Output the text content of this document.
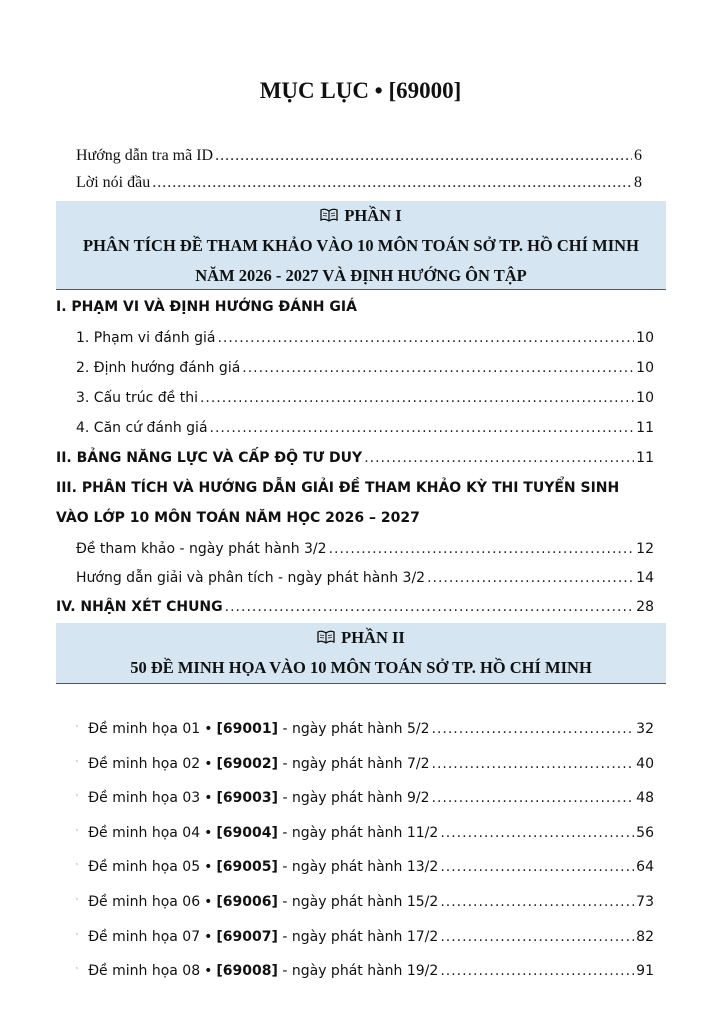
MỤC LỤC • [69000]
Hướng dẫn tra mã ID .....	6
Lời nói đầu .....	8
PHẦN I
PHÂN TÍCH ĐỀ THAM KHẢO VÀO 10 MÔN TOÁN SỞ TP. HỒ CHÍ MINH
NĂM 2026 - 2027 VÀ ĐỊNH HƯỚNG ÔN TẬP
I. PHẠM VI VÀ ĐỊNH HƯỚNG ĐÁNH GIÁ
1. Phạm vi đánh giá .....	10
2. Định hướng đánh giá .....	10
3. Cấu trúc đề thi .....	10
4. Căn cứ đánh giá .....	11
II. BẢNG NĂNG LỰC VÀ CẤP ĐỘ TƯ DUY .....	11
III. PHÂN TÍCH VÀ HƯỚNG DẪN GIẢI ĐỀ THAM KHẢO KỲ THI TUYỂN SINH
VÀO LỚP 10 MÔN TOÁN NĂM HỌC 2026 – 2027
Đề tham khảo - ngày phát hành 3/2 .....	12
Hướng dẫn giải và phân tích - ngày phát hành 3/2 .....	14
IV. NHẬN XÉT CHUNG .....	28
PHẦN II
50 ĐỀ MINH HỌA VÀO 10 MÔN TOÁN SỞ TP. HỒ CHÍ MINH
Đề minh họa 01 • [69001] - ngày phát hành 5/2 .....	32
Đề minh họa 02 • [69002] - ngày phát hành 7/2 .....	40
Đề minh họa 03 • [69003] - ngày phát hành 9/2 .....	48
Đề minh họa 04 • [69004] - ngày phát hành 11/2 .....	56
Đề minh họa 05 • [69005] - ngày phát hành 13/2 .....	64
Đề minh họa 06 • [69006] - ngày phát hành 15/2 .....	73
Đề minh họa 07 • [69007] - ngày phát hành 17/2 .....	82
Đề minh họa 08 • [69008] - ngày phát hành 19/2 .....	91
